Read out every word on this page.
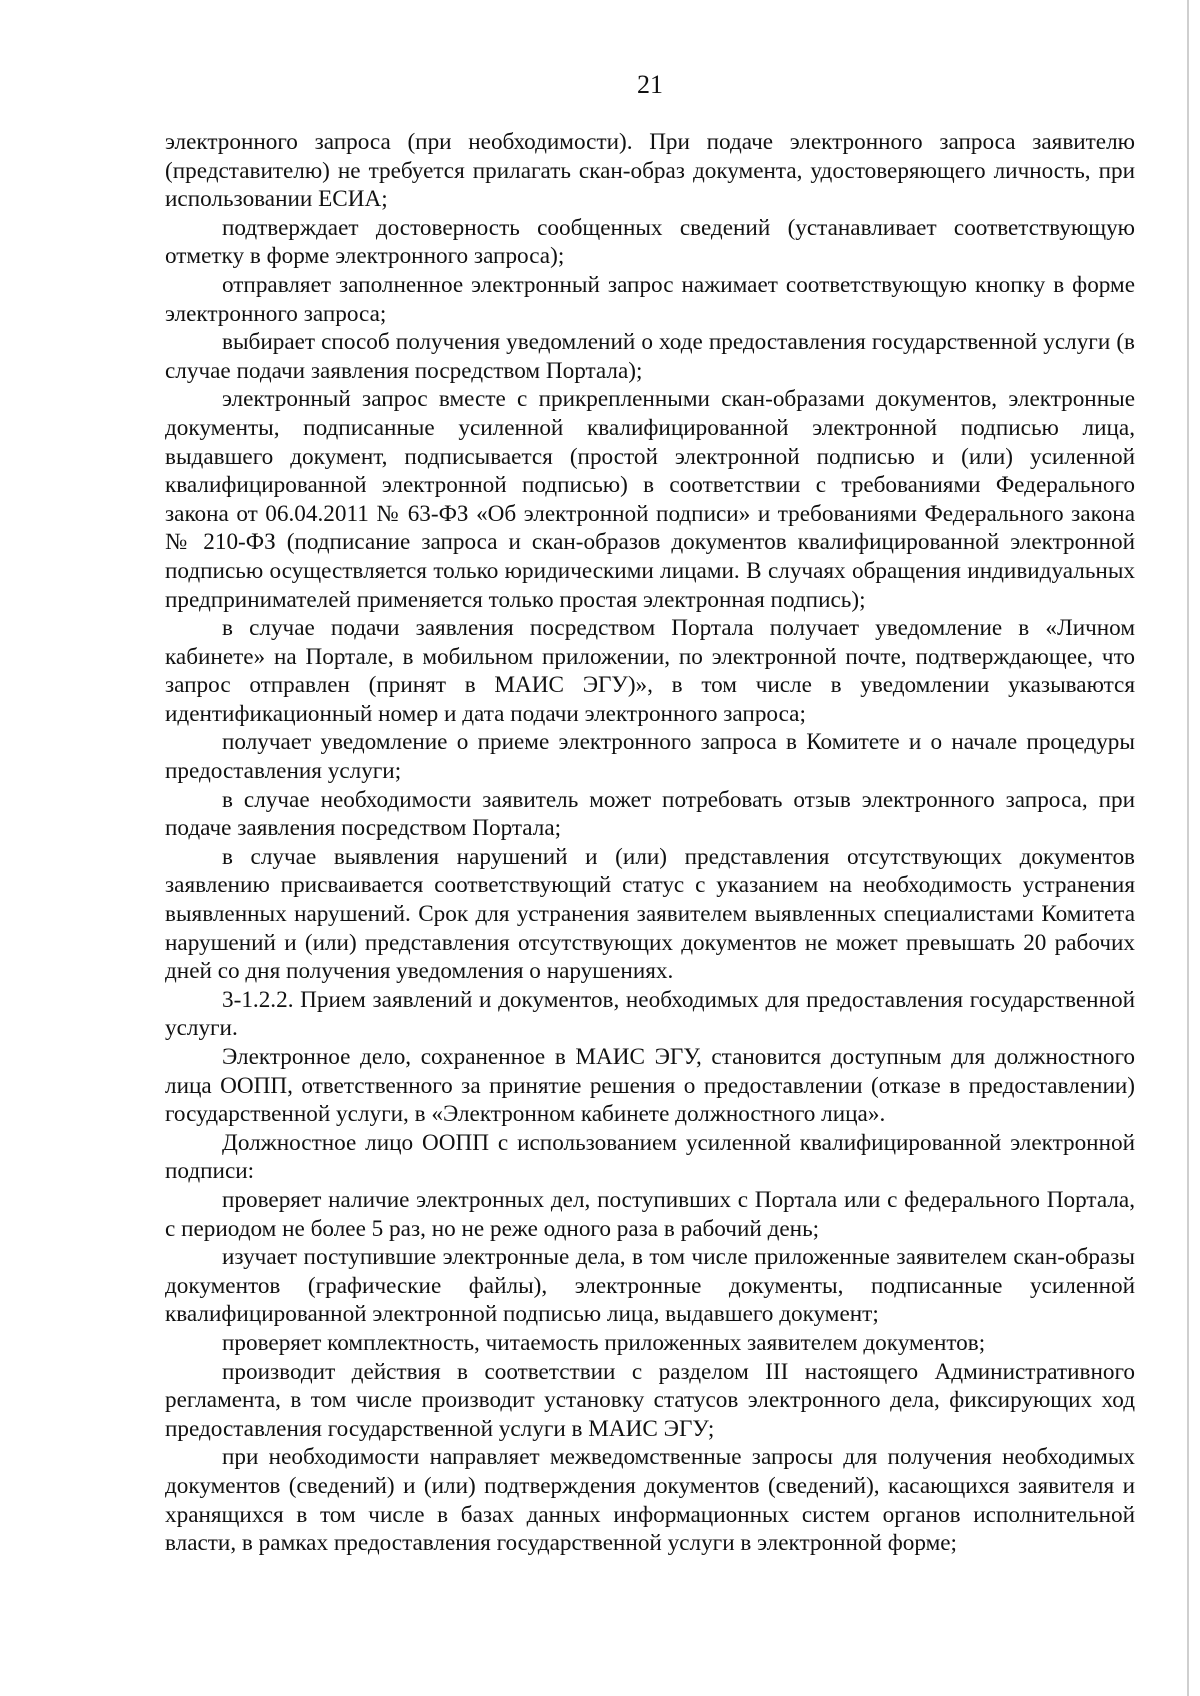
21

электронного запроса (при необходимости). При подаче электронного запроса заявителю (представителю) не требуется прилагать скан-образ документа, удостоверяющего личность, при использовании ЕСИА;

подтверждает достоверность сообщенных сведений (устанавливает соответствующую отметку в форме электронного запроса);

отправляет заполненное электронный запрос нажимает соответствующую кнопку в форме электронного запроса;

выбирает способ получения уведомлений о ходе предоставления государственной услуги (в случае подачи заявления посредством Портала);

электронный запрос вместе с прикрепленными скан-образами документов, электронные документы, подписанные усиленной квалифицированной электронной подписью лица, выдавшего документ, подписывается (простой электронной подписью и (или) усиленной квалифицированной электронной подписью) в соответствии с требованиями Федерального закона от 06.04.2011 № 63-ФЗ «Об электронной подписи» и требованиями Федерального закона № 210-ФЗ (подписание запроса и скан-образов документов квалифицированной электронной подписью осуществляется только юридическими лицами. В случаях обращения индивидуальных предпринимателей применяется только простая электронная подпись);

в случае подачи заявления посредством Портала получает уведомление в «Личном кабинете» на Портале, в мобильном приложении, по электронной почте, подтверждающее, что запрос отправлен (принят в МАИС ЭГУ)», в том числе в уведомлении указываются идентификационный номер и дата подачи электронного запроса;

получает уведомление о приеме электронного запроса в Комитете и о начале процедуры предоставления услуги;

в случае необходимости заявитель может потребовать отзыв электронного запроса, при подаче заявления посредством Портала;

в случае выявления нарушений и (или) представления отсутствующих документов заявлению присваивается соответствующий статус с указанием на необходимость устранения выявленных нарушений. Срок для устранения заявителем выявленных специалистами Комитета нарушений и (или) представления отсутствующих документов не может превышать 20 рабочих дней со дня получения уведомления о нарушениях.

3-1.2.2. Прием заявлений и документов, необходимых для предоставления государственной услуги.

Электронное дело, сохраненное в МАИС ЭГУ, становится доступным для должностного лица ООПП, ответственного за принятие решения о предоставлении (отказе в предоставлении) государственной услуги, в «Электронном кабинете должностного лица».

Должностное лицо ООПП с использованием усиленной квалифицированной электронной подписи:

проверяет наличие электронных дел, поступивших с Портала или с федерального Портала, с периодом не более 5 раз, но не реже одного раза в рабочий день;

изучает поступившие электронные дела, в том числе приложенные заявителем скан-образы документов (графические файлы), электронные документы, подписанные усиленной квалифицированной электронной подписью лица, выдавшего документ;

проверяет комплектность, читаемость приложенных заявителем документов;

производит действия в соответствии с разделом III настоящего Административного регламента, в том числе производит установку статусов электронного дела, фиксирующих ход предоставления государственной услуги в МАИС ЭГУ;

при необходимости направляет межведомственные запросы для получения необходимых документов (сведений) и (или) подтверждения документов (сведений), касающихся заявителя и хранящихся в том числе в базах данных информационных систем органов исполнительной власти, в рамках предоставления государственной услуги в электронной форме;
